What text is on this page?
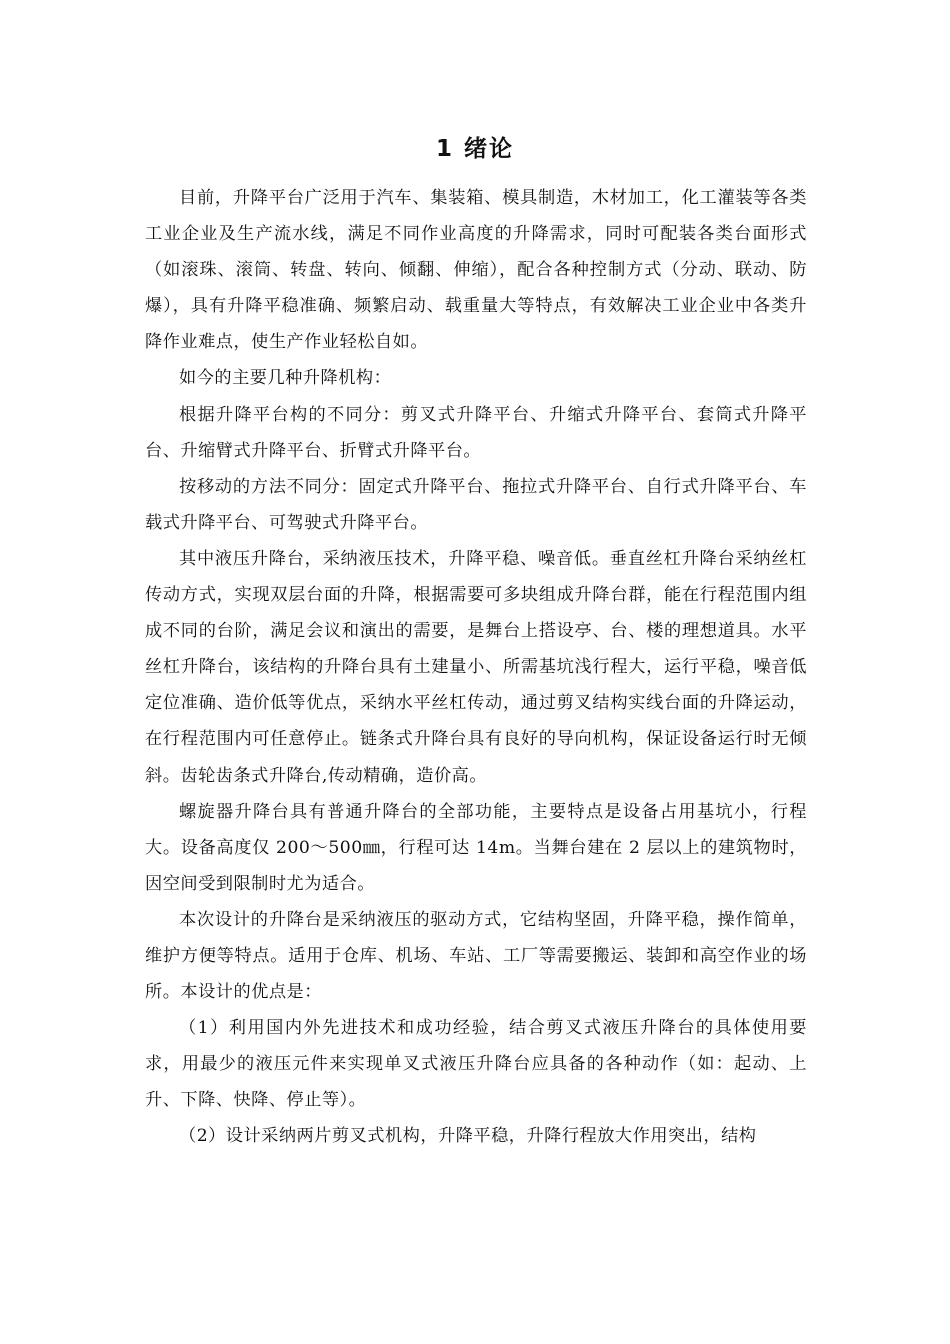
1 绪论

目前，升降平台广泛用于汽车、集装箱、模具制造，木材加工，化工灌装等各类工业企业及生产流水线，满足不同作业高度的升降需求，同时可配装各类台面形式（如滚珠、滚筒、转盘、转向、倾翻、伸缩），配合各种控制方式（分动、联动、防爆），具有升降平稳准确、频繁启动、载重量大等特点，有效解决工业企业中各类升降作业难点，使生产作业轻松自如。

如今的主要几种升降机构：

根据升降平台构的不同分：剪叉式升降平台、升缩式升降平台、套筒式升降平台、升缩臂式升降平台、折臂式升降平台。

按移动的方法不同分：固定式升降平台、拖拉式升降平台、自行式升降平台、车载式升降平台、可驾驶式升降平台。

其中液压升降台，采纳液压技术，升降平稳、噪音低。垂直丝杠升降台采纳丝杠传动方式，实现双层台面的升降，根据需要可多块组成升降台群，能在行程范围内组成不同的台阶，满足会议和演出的需要，是舞台上搭设亭、台、楼的理想道具。水平丝杠升降台，该结构的升降台具有土建量小、所需基坑浅行程大，运行平稳，噪音低定位准确、造价低等优点，采纳水平丝杠传动，通过剪叉结构实线台面的升降运动，在行程范围内可任意停止。链条式升降台具有良好的导向机构，保证设备运行时无倾斜。齿轮齿条式升降台,传动精确，造价高。

螺旋器升降台具有普通升降台的全部功能，主要特点是设备占用基坑小，行程大。设备高度仅 200～500㎜，行程可达 14m。当舞台建在 2 层以上的建筑物时，因空间受到限制时尤为适合。

本次设计的升降台是采纳液压的驱动方式，它结构坚固，升降平稳，操作简单，维护方便等特点。适用于仓库、机场、车站、工厂等需要搬运、装卸和高空作业的场所。本设计的优点是：

（1）利用国内外先进技术和成功经验，结合剪叉式液压升降台的具体使用要求，用最少的液压元件来实现单叉式液压升降台应具备的各种动作（如：起动、上升、下降、快降、停止等）。

（2）设计采纳两片剪叉式机构，升降平稳，升降行程放大作用突出，结构
